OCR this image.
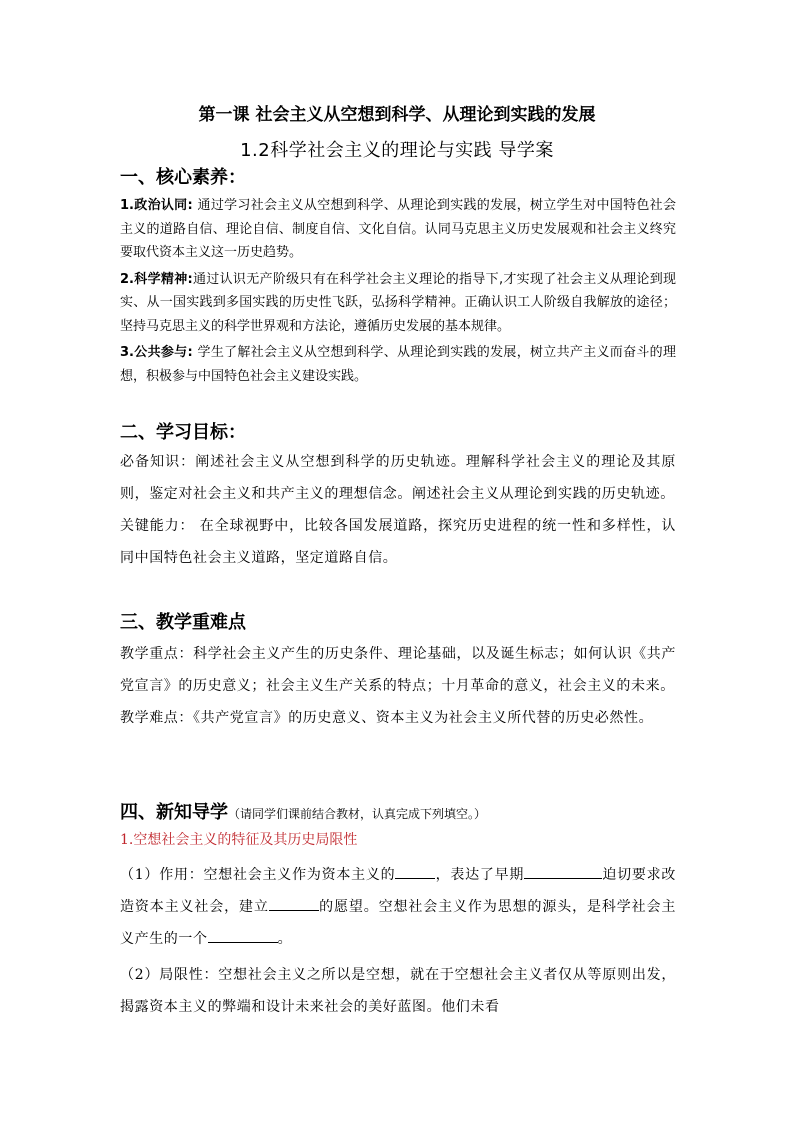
第一课 社会主义从空想到科学、从理论到实践的发展
1.2科学社会主义的理论与实践 导学案
一、核心素养：
1.政治认同: 通过学习社会主义从空想到科学、从理论到实践的发展，树立学生对中国特色社会主义的道路自信、理论自信、制度自信、文化自信。认同马克思主义历史发展观和社会主义终究要取代资本主义这一历史趋势。
2.科学精神:通过认识无产阶级只有在科学社会主义理论的指导下,才实现了社会主义从理论到现实、从一国实践到多国实践的历史性飞跃，弘扬科学精神。正确认识工人阶级自我解放的途径；坚持马克思主义的科学世界观和方法论，遵循历史发展的基本规律。
3.公共参与: 学生了解社会主义从空想到科学、从理论到实践的发展，树立共产主义而奋斗的理想，积极参与中国特色社会主义建设实践。
二、学习目标：
必备知识：阐述社会主义从空想到科学的历史轨迹。理解科学社会主义的理论及其原则，鉴定对社会主义和共产主义的理想信念。阐述社会主义从理论到实践的历史轨迹。
关键能力： 在全球视野中，比较各国发展道路，探究历史进程的统一性和多样性，认同中国特色社会主义道路，坚定道路自信。
三、教学重难点
教学重点：科学社会主义产生的历史条件、理论基础，以及诞生标志；如何认识《共产党宣言》的历史意义；社会主义生产关系的特点；十月革命的意义，社会主义的未来。
教学难点：《共产党宣言》的历史意义、资本主义为社会主义所代替的历史必然性。
四、新知导学（请同学们课前结合教材，认真完成下列填空。）
1.空想社会主义的特征及其历史局限性
（1）作用：空想社会主义作为资本主义的	，表达了早期	迫切要求改造资本主义社会，建立	的愿望。空想社会主义作为思想的源头，是科学社会主义产生的一个	。
（2）局限性：空想社会主义之所以是空想，就在于空想社会主义者仅从等原则出发，揭露资本主义的弊端和设计未来社会的美好蓝图。他们未看
